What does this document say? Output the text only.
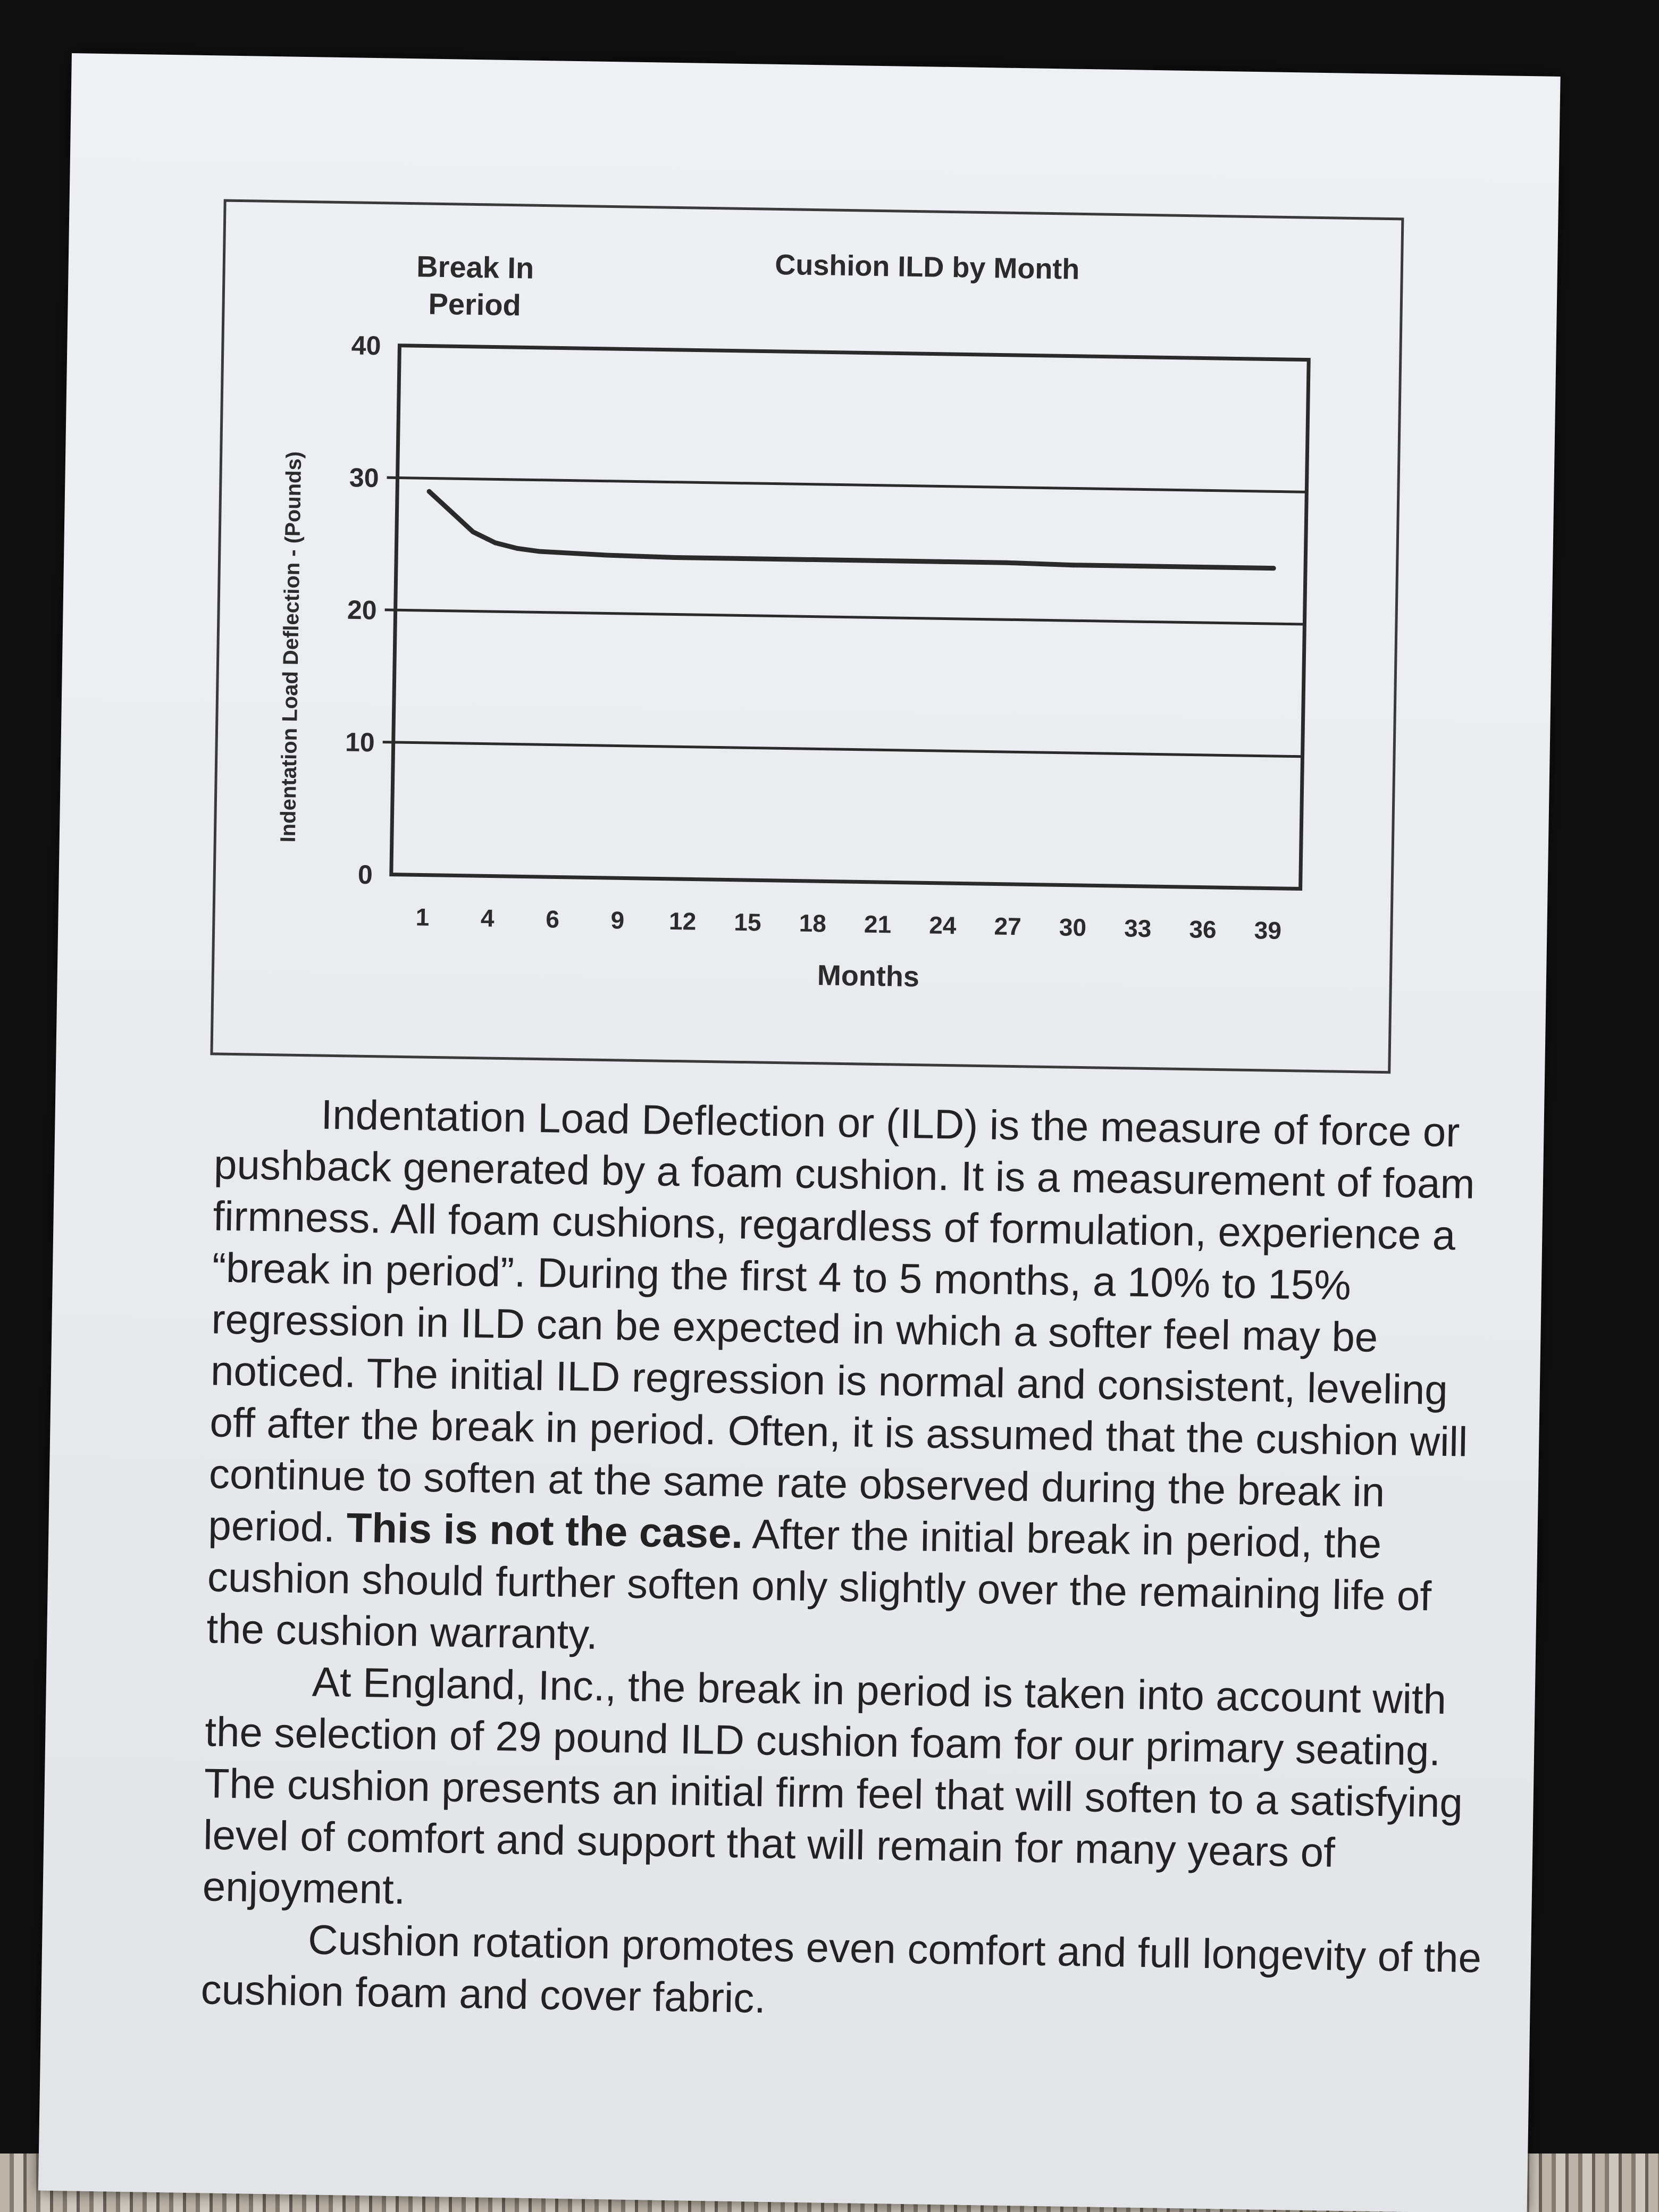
Cushion ILD by Month
Break InPeriod
Indentation Load Deflection - (Pounds)
Months
0
10
20
30
40
1 4 6 9 12 15 18 21 24 27 30 33 36 39

Indentation Load Deflection or (ILD) is the measure of force or pushback generated by a foam cushion. It is a measurement of foam firmness. All foam cushions, regardless of formulation, experience a “break in period”. During the first 4 to 5 months, a 10% to 15% regression in ILD can be expected in which a softer feel may be noticed. The initial ILD regression is normal and consistent, leveling off after the break in period. Often, it is assumed that the cushion will continue to soften at the same rate observed during the break in period. This is not the case. After the initial break in period, the cushion should further soften only slightly over the remaining life of the cushion warranty.

At England, Inc., the break in period is taken into account with the selection of 29 pound ILD cushion foam for our primary seating. The cushion presents an initial firm feel that will soften to a satisfying level of comfort and support that will remain for many years of enjoyment.

Cushion rotation promotes even comfort and full longevity of the cushion foam and cover fabric.
